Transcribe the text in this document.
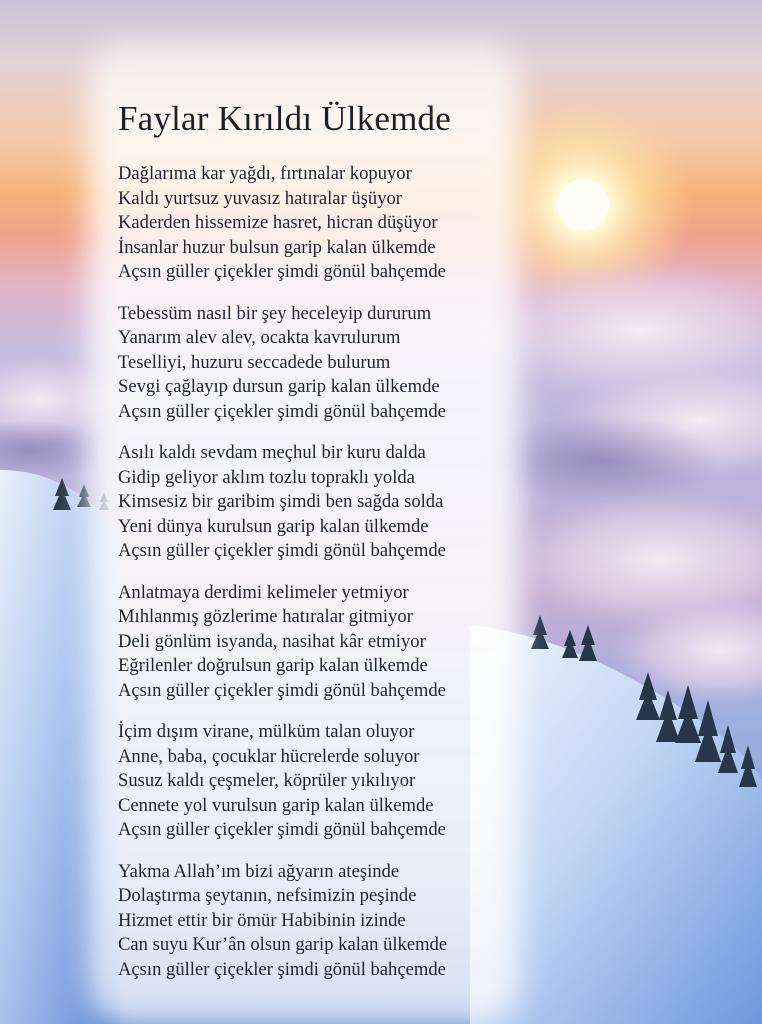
Faylar Kırıldı Ülkemde
Dağlarıma kar yağdı, fırtınalar kopuyor
Kaldı yurtsuz yuvasız hatıralar üşüyor
Kaderden hissemize hasret, hicran düşüyor
İnsanlar huzur bulsun garip kalan ülkemde
Açsın güller çiçekler şimdi gönül bahçemde
Tebessüm nasıl bir şey heceleyip dururum
Yanarım alev alev, ocakta kavrulurum
Teselliyi, huzuru seccadede bulurum
Sevgi çağlayıp dursun garip kalan ülkemde
Açsın güller çiçekler şimdi gönül bahçemde
Asılı kaldı sevdam meçhul bir kuru dalda
Gidip geliyor aklım tozlu topraklı yolda
Kimsesiz bir garibim şimdi ben sağda solda
Yeni dünya kurulsun garip kalan ülkemde
Açsın güller çiçekler şimdi gönül bahçemde
Anlatmaya derdimi kelimeler yetmiyor
Mıhlanmış gözlerime hatıralar gitmiyor
Deli gönlüm isyanda, nasihat kâr etmiyor
Eğrilenler doğrulsun garip kalan ülkemde
Açsın güller çiçekler şimdi gönül bahçemde
İçim dışım virane, mülküm talan oluyor
Anne, baba, çocuklar hücrelerde soluyor
Susuz kaldı çeşmeler, köprüler yıkılıyor
Cennete yol vurulsun garip kalan ülkemde
Açsın güller çiçekler şimdi gönül bahçemde
Yakma Allah’ım bizi ağyarın ateşinde
Dolaştırma şeytanın, nefsimizin peşinde
Hizmet ettir bir ömür Habibinin izinde
Can suyu Kur’ân olsun garip kalan ülkemde
Açsın güller çiçekler şimdi gönül bahçemde
